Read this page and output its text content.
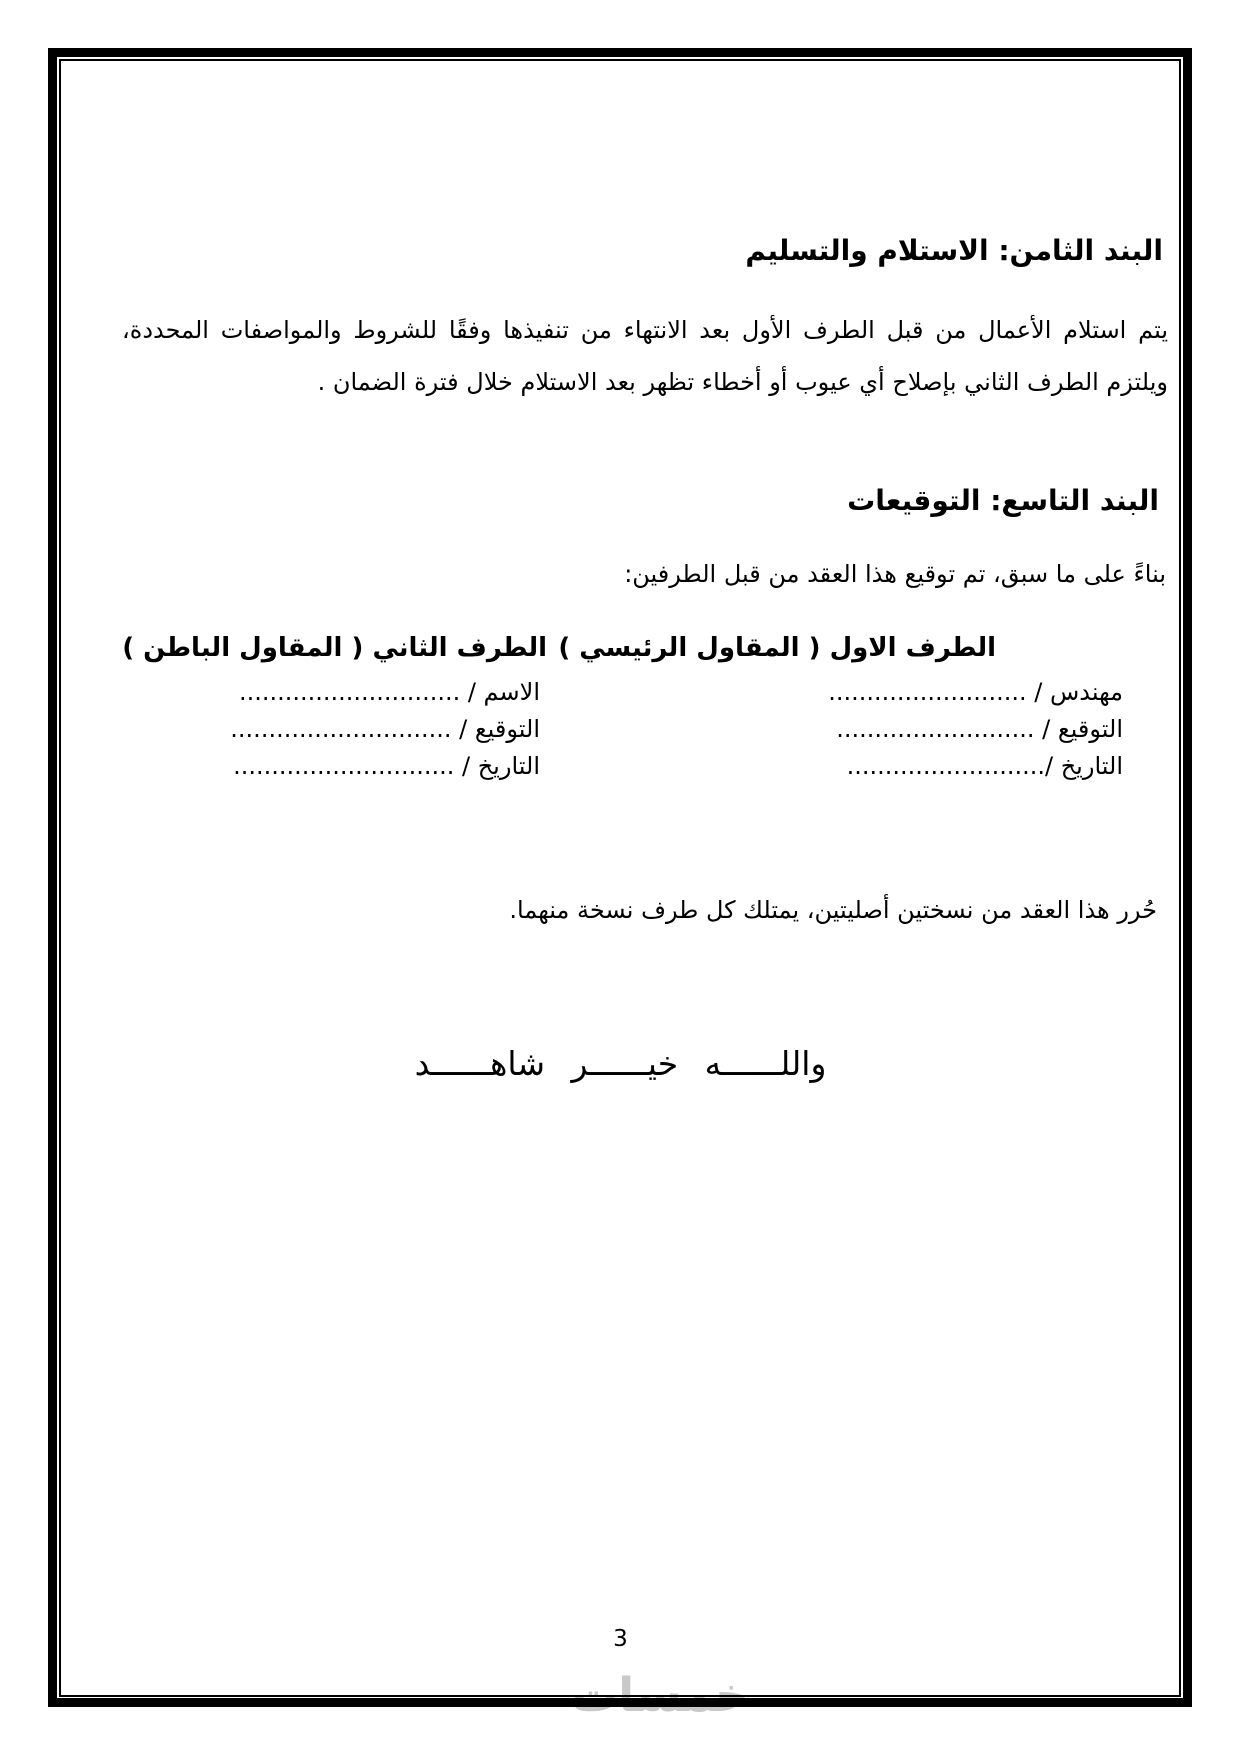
خمسات
البند الثامن: الاستلام والتسليم
يتم استلام الأعمال من قبل الطرف الأول بعد الانتهاء من تنفيذها وفقًا للشروط والمواصفات المحددة، ويلتزم الطرف الثاني بإصلاح أي عيوب أو أخطاء تظهر بعد الاستلام خلال فترة الضمان .
البند التاسع: التوقيعات
بناءً على ما سبق، تم توقيع هذا العقد من قبل الطرفين:
الطرف الاول ( المقاول الرئيسي )
مهندس / ..........................
التوقيع / ..........................
التاريخ /..........................
الطرف الثاني ( المقاول الباطن )
الاسم / .............................
التوقيع / .............................
التاريخ / .............................
حُرر هذا العقد من نسختين أصليتين، يمتلك كل طرف نسخة منهما.
واللــــــه خيــــــر شاهــــــد
3
